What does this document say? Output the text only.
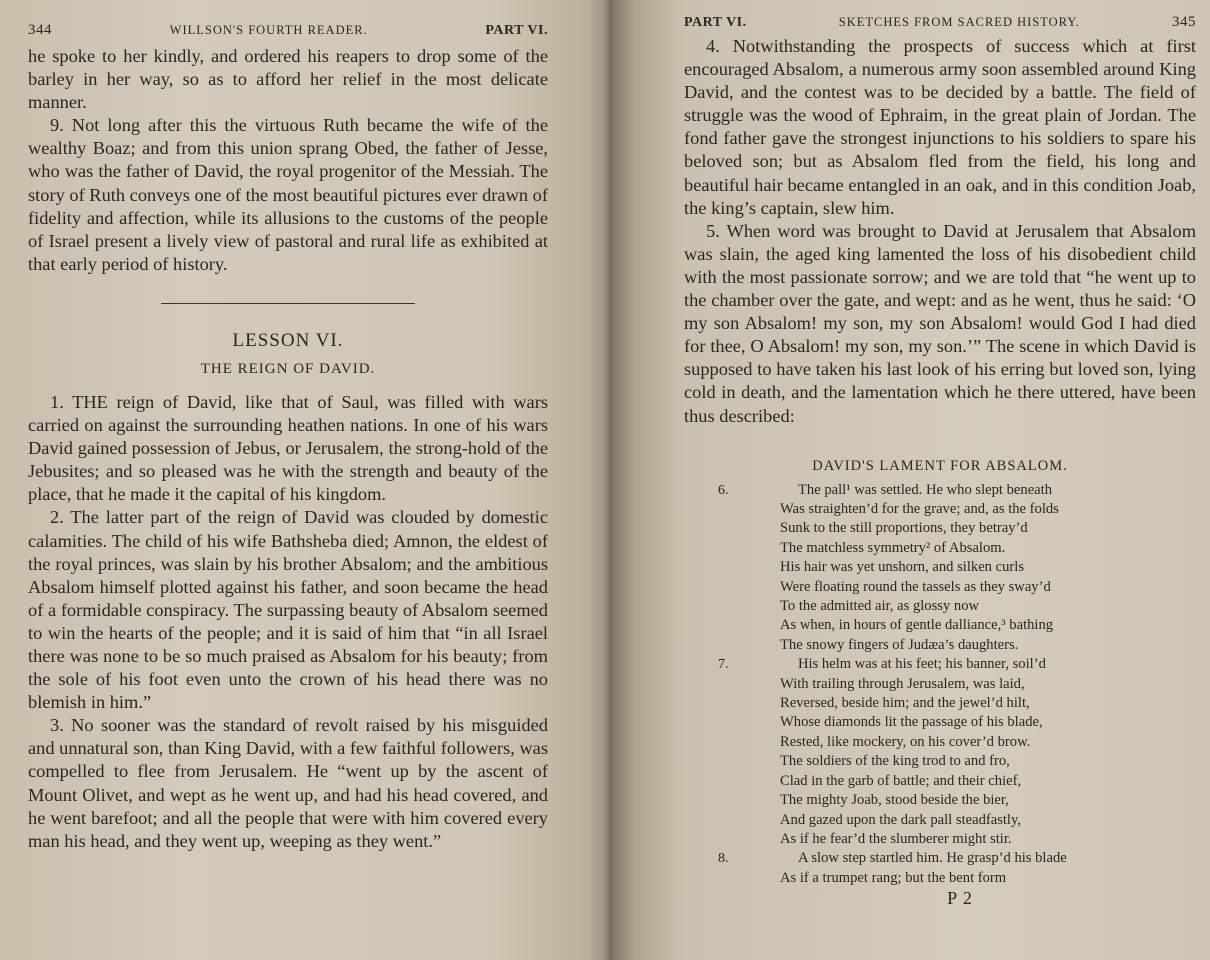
344	WILLSON'S FOURTH READER.	PART VI.

he spoke to her kindly, and ordered his reapers to drop some of the barley in her way, so as to afford her relief in the most delicate manner.

9. Not long after this the virtuous Ruth became the wife of the wealthy Boaz; and from this union sprang Obed, the father of Jesse, who was the father of David, the royal progenitor of the Messiah. The story of Ruth conveys one of the most beautiful pictures ever drawn of fidelity and affection, while its allusions to the customs of the people of Israel present a lively view of pastoral and rural life as exhibited at that early period of history.

LESSON VI.
THE REIGN OF DAVID.

1. THE reign of David, like that of Saul, was filled with wars carried on against the surrounding heathen nations. In one of his wars David gained possession of Jebus, or Jerusalem, the strong-hold of the Jebusites; and so pleased was he with the strength and beauty of the place, that he made it the capital of his kingdom.

2. The latter part of the reign of David was clouded by domestic calamities. The child of his wife Bathsheba died; Amnon, the eldest of the royal princes, was slain by his brother Absalom; and the ambitious Absalom himself plotted against his father, and soon became the head of a formidable conspiracy. The surpassing beauty of Absalom seemed to win the hearts of the people; and it is said of him that “in all Israel there was none to be so much praised as Absalom for his beauty; from the sole of his foot even unto the crown of his head there was no blemish in him.”

3. No sooner was the standard of revolt raised by his misguided and unnatural son, than King David, with a few faithful followers, was compelled to flee from Jerusalem. He “went up by the ascent of Mount Olivet, and wept as he went up, and had his head covered, and he went barefoot; and all the people that were with him covered every man his head, and they went up, weeping as they went.”

PART VI.	SKETCHES FROM SACRED HISTORY.	345

4. Notwithstanding the prospects of success which at first encouraged Absalom, a numerous army soon assembled around King David, and the contest was to be decided by a battle. The field of struggle was the wood of Ephraim, in the great plain of Jordan. The fond father gave the strongest injunctions to his soldiers to spare his beloved son; but as Absalom fled from the field, his long and beautiful hair became entangled in an oak, and in this condition Joab, the king’s captain, slew him.

5. When word was brought to David at Jerusalem that Absalom was slain, the aged king lamented the loss of his disobedient child with the most passionate sorrow; and we are told that “he went up to the chamber over the gate, and wept: and as he went, thus he said: ‘O my son Absalom! my son, my son Absalom! would God I had died for thee, O Absalom! my son, my son.’” The scene in which David is supposed to have taken his last look of his erring but loved son, lying cold in death, and the lamentation which he there uttered, have been thus described:

DAVID'S LAMENT FOR ABSALOM.
6.	The pall¹ was settled. He who slept beneath
Was straighten’d for the grave; and, as the folds
Sunk to the still proportions, they betray’d
The matchless symmetry² of Absalom.
His hair was yet unshorn, and silken curls
Were floating round the tassels as they sway’d
To the admitted air, as glossy now
As when, in hours of gentle dalliance,³ bathing
The snowy fingers of Judæa’s daughters.
7.	His helm was at his feet; his banner, soil’d
With trailing through Jerusalem, was laid,
Reversed, beside him; and the jewel’d hilt,
Whose diamonds lit the passage of his blade,
Rested, like mockery, on his cover’d brow.
The soldiers of the king trod to and fro,
Clad in the garb of battle; and their chief,
The mighty Joab, stood beside the bier,
And gazed upon the dark pall steadfastly,
As if he fear’d the slumberer might stir.
8.	A slow step startled him. He grasp’d his blade
As if a trumpet rang; but the bent form
P 2
